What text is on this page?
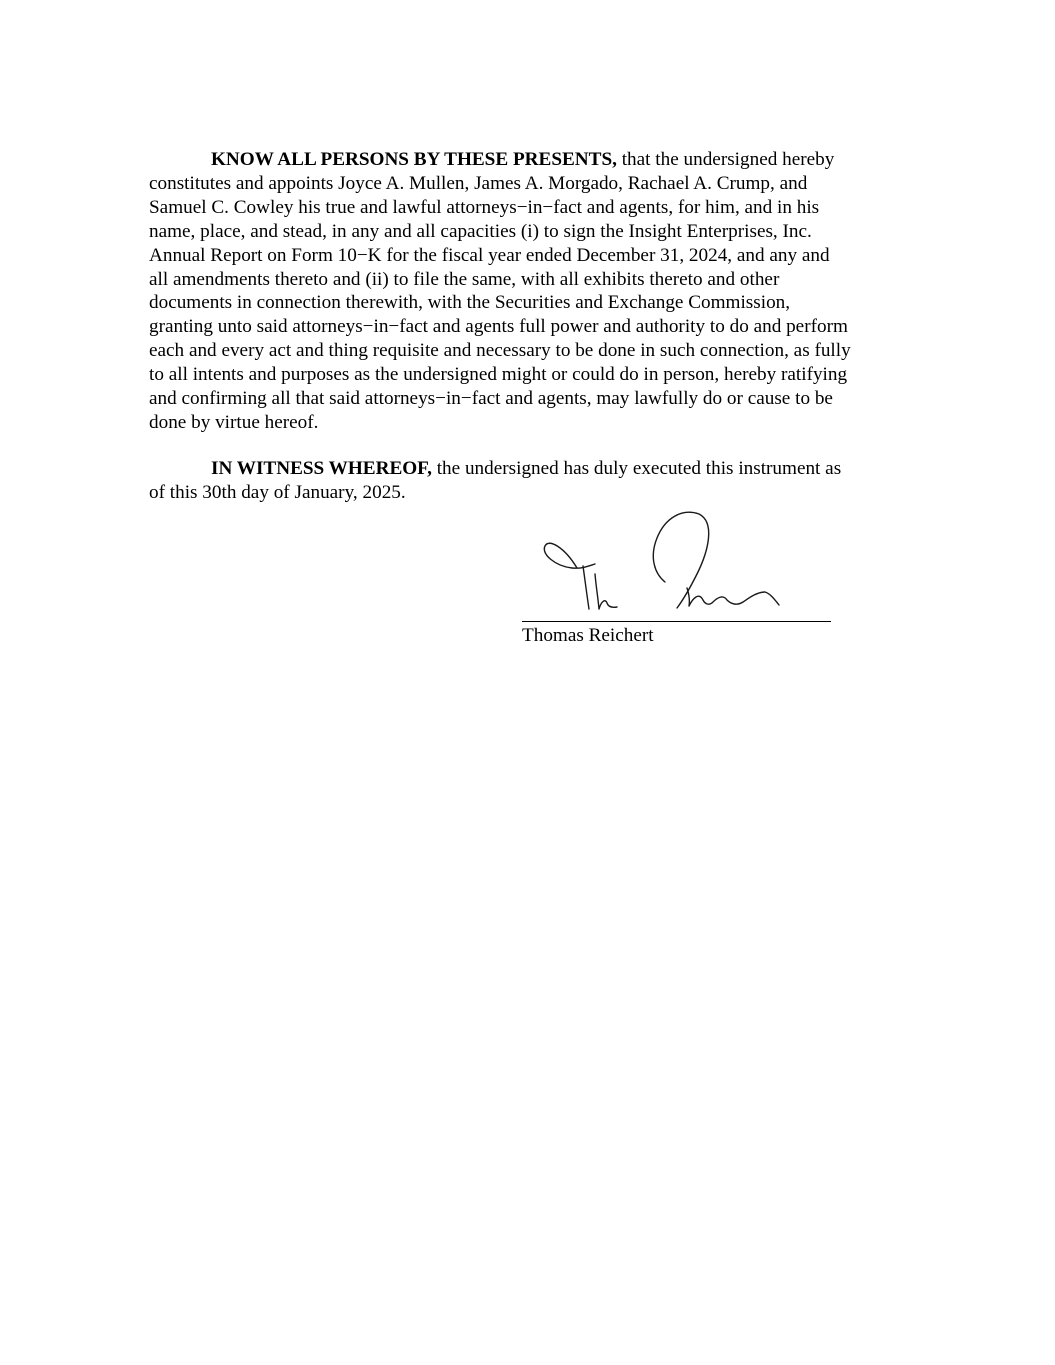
KNOW ALL PERSONS BY THESE PRESENTS, that the undersigned hereby
constitutes and appoints Joyce A. Mullen, James A. Morgado, Rachael A. Crump, and
Samuel C. Cowley his true and lawful attorneys−in−fact and agents, for him, and in his
name, place, and stead, in any and all capacities (i) to sign the Insight Enterprises, Inc.
Annual Report on Form 10−K for the fiscal year ended December 31, 2024, and any and
all amendments thereto and (ii) to file the same, with all exhibits thereto and other
documents in connection therewith, with the Securities and Exchange Commission,
granting unto said attorneys−in−fact and agents full power and authority to do and perform
each and every act and thing requisite and necessary to be done in such connection, as fully
to all intents and purposes as the undersigned might or could do in person, hereby ratifying
and confirming all that said attorneys−in−fact and agents, may lawfully do or cause to be
done by virtue hereof.
IN WITNESS WHEREOF, the undersigned has duly executed this instrument as
of this 30th day of January, 2025.
Thomas Reichert
